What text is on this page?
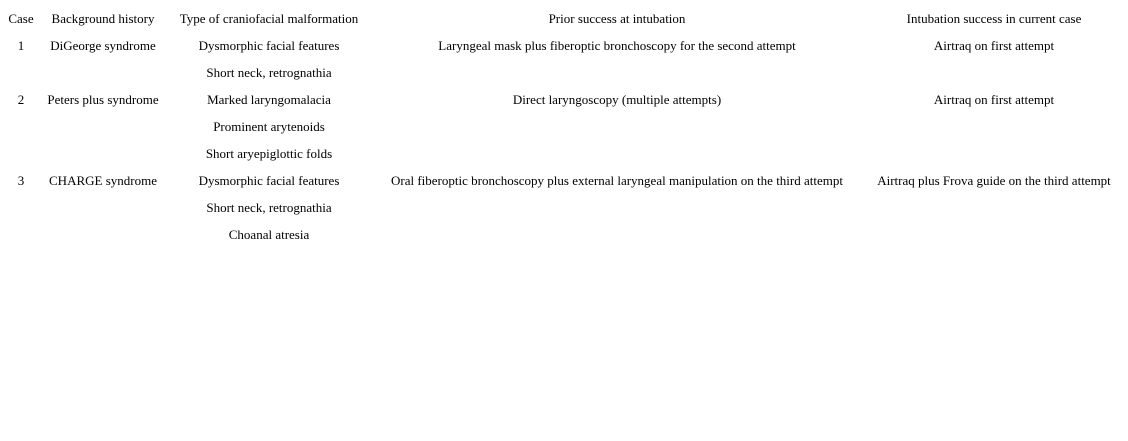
Case	Background history	Type of craniofacial malformation	Prior success at intubation	Intubation success in current case
1	DiGeorge syndrome	Dysmorphic facial features	Laryngeal mask plus fiberoptic bronchoscopy for the second attempt	Airtraq on first attempt
		Short neck, retrognathia		
2	Peters plus syndrome	Marked laryngomalacia	Direct laryngoscopy (multiple attempts)	Airtraq on first attempt
		Prominent arytenoids		
		Short aryepiglottic folds		
3	CHARGE syndrome	Dysmorphic facial features	Oral fiberoptic bronchoscopy plus external laryngeal manipulation on the third attempt	Airtraq plus Frova guide on the third attempt
		Short neck, retrognathia		
		Choanal atresia		
